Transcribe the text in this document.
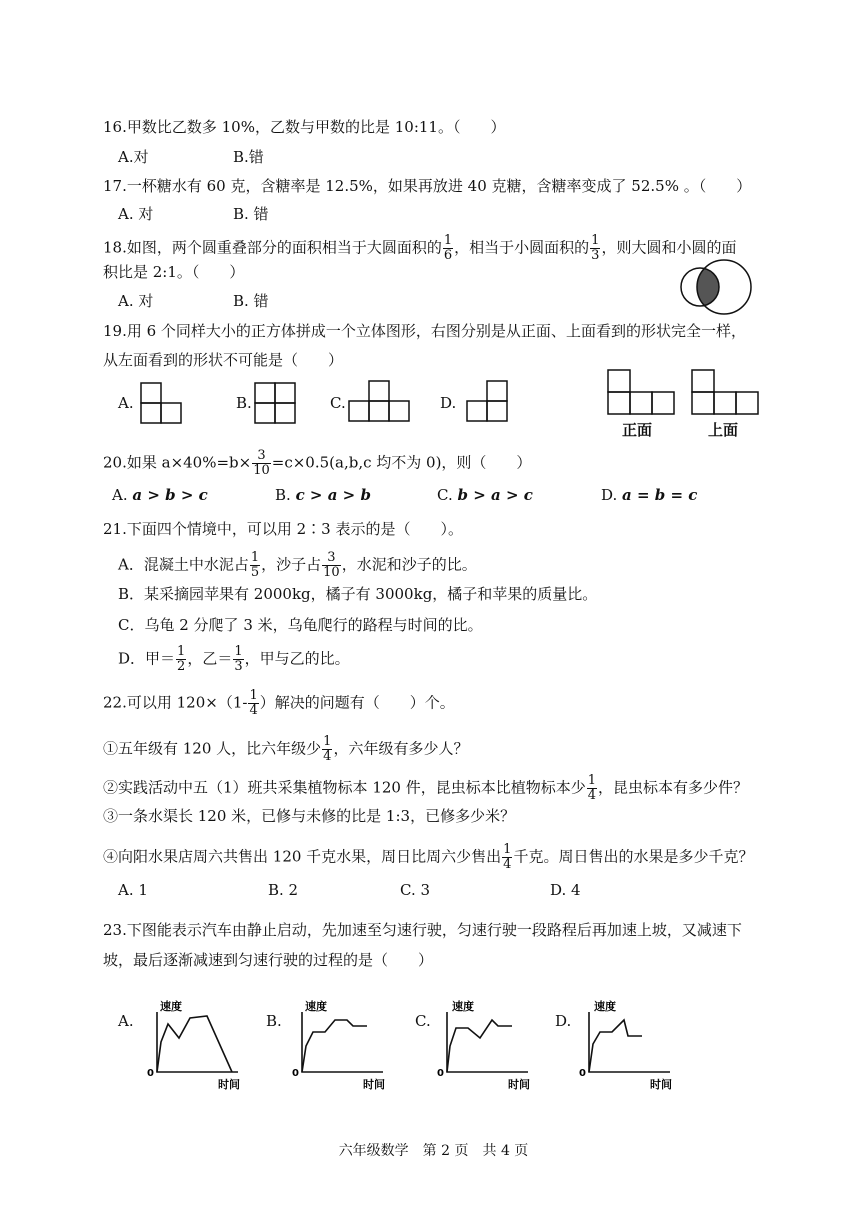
16.甲数比乙数多 10%，乙数与甲数的比是 10:11。（　　）
A.对	B.错
17.一杯糖水有 60 克，含糖率是 12.5%，如果再放进 40 克糖，含糖率变成了 52.5% 。（　　）
A. 对	B. 错
18.如图，两个圆重叠部分的面积相当于大圆面积的 $\frac{1}{6}$ ，相当于小圆面积的 $\frac{1}{3}$ ，则大圆和小圆的面
积比是 2:1。（　　）
A. 对	B. 错
19.用 6 个同样大小的正方体拼成一个立体图形，右图分别是从正面、上面看到的形状完全一样，
从左面看到的形状不可能是（　　）
A.	B.	C.	D.
正面	上面
20.如果 $a\times 40\%=b\times \frac{3}{10} =c\times 0.5(a,b,c$ 均不为 0)，则（　　）
A. a > b > c	B. c > a > b	C. b > a > c	D. a = b = c
21.下面四个情境中，可以用 2∶3 表示的是（　　）。
A．混凝土中水泥占 $\frac{1}{5}$ ，沙子占 $\frac{3}{10}$ ，水泥和沙子的比。
B．某采摘园苹果有 2000kg，橘子有 3000kg，橘子和苹果的质量比。
C．乌龟 2 分爬了 3 米，乌龟爬行的路程与时间的比。
D．甲＝ $\frac{1}{2}$ ，乙＝ $\frac{1}{3}$ ，甲与乙的比。
22.可以用 $120\times(1- \frac{1}{4}$ ）解决的问题有（　　）个。
①五年级有 120 人，比六年级少 $\frac{1}{4}$ ，六年级有多少人？
②实践活动中五（1）班共采集植物标本 120 件，昆虫标本比植物标本少 $\frac{1}{4}$ ，昆虫标本有多少件？
③一条水渠长 120 米，已修与未修的比是 1:3，已修多少米？
④向阳水果店周六共售出 120 千克水果，周日比周六少售出 $\frac{1}{4}$ 千克。周日售出的水果是多少千克？
A. 1	B. 2	C. 3	D. 4
23.下图能表示汽车由静止启动，先加速至匀速行驶，匀速行驶一段路程后再加速上坡，又减速下
坡，最后逐渐减速到匀速行驶的过程的是（　　）
A.
速度
0
时间
B.
速度
0
时间
C.
速度
0
时间
D.
速度
0
时间
六年级数学　第 2 页　共 4 页
